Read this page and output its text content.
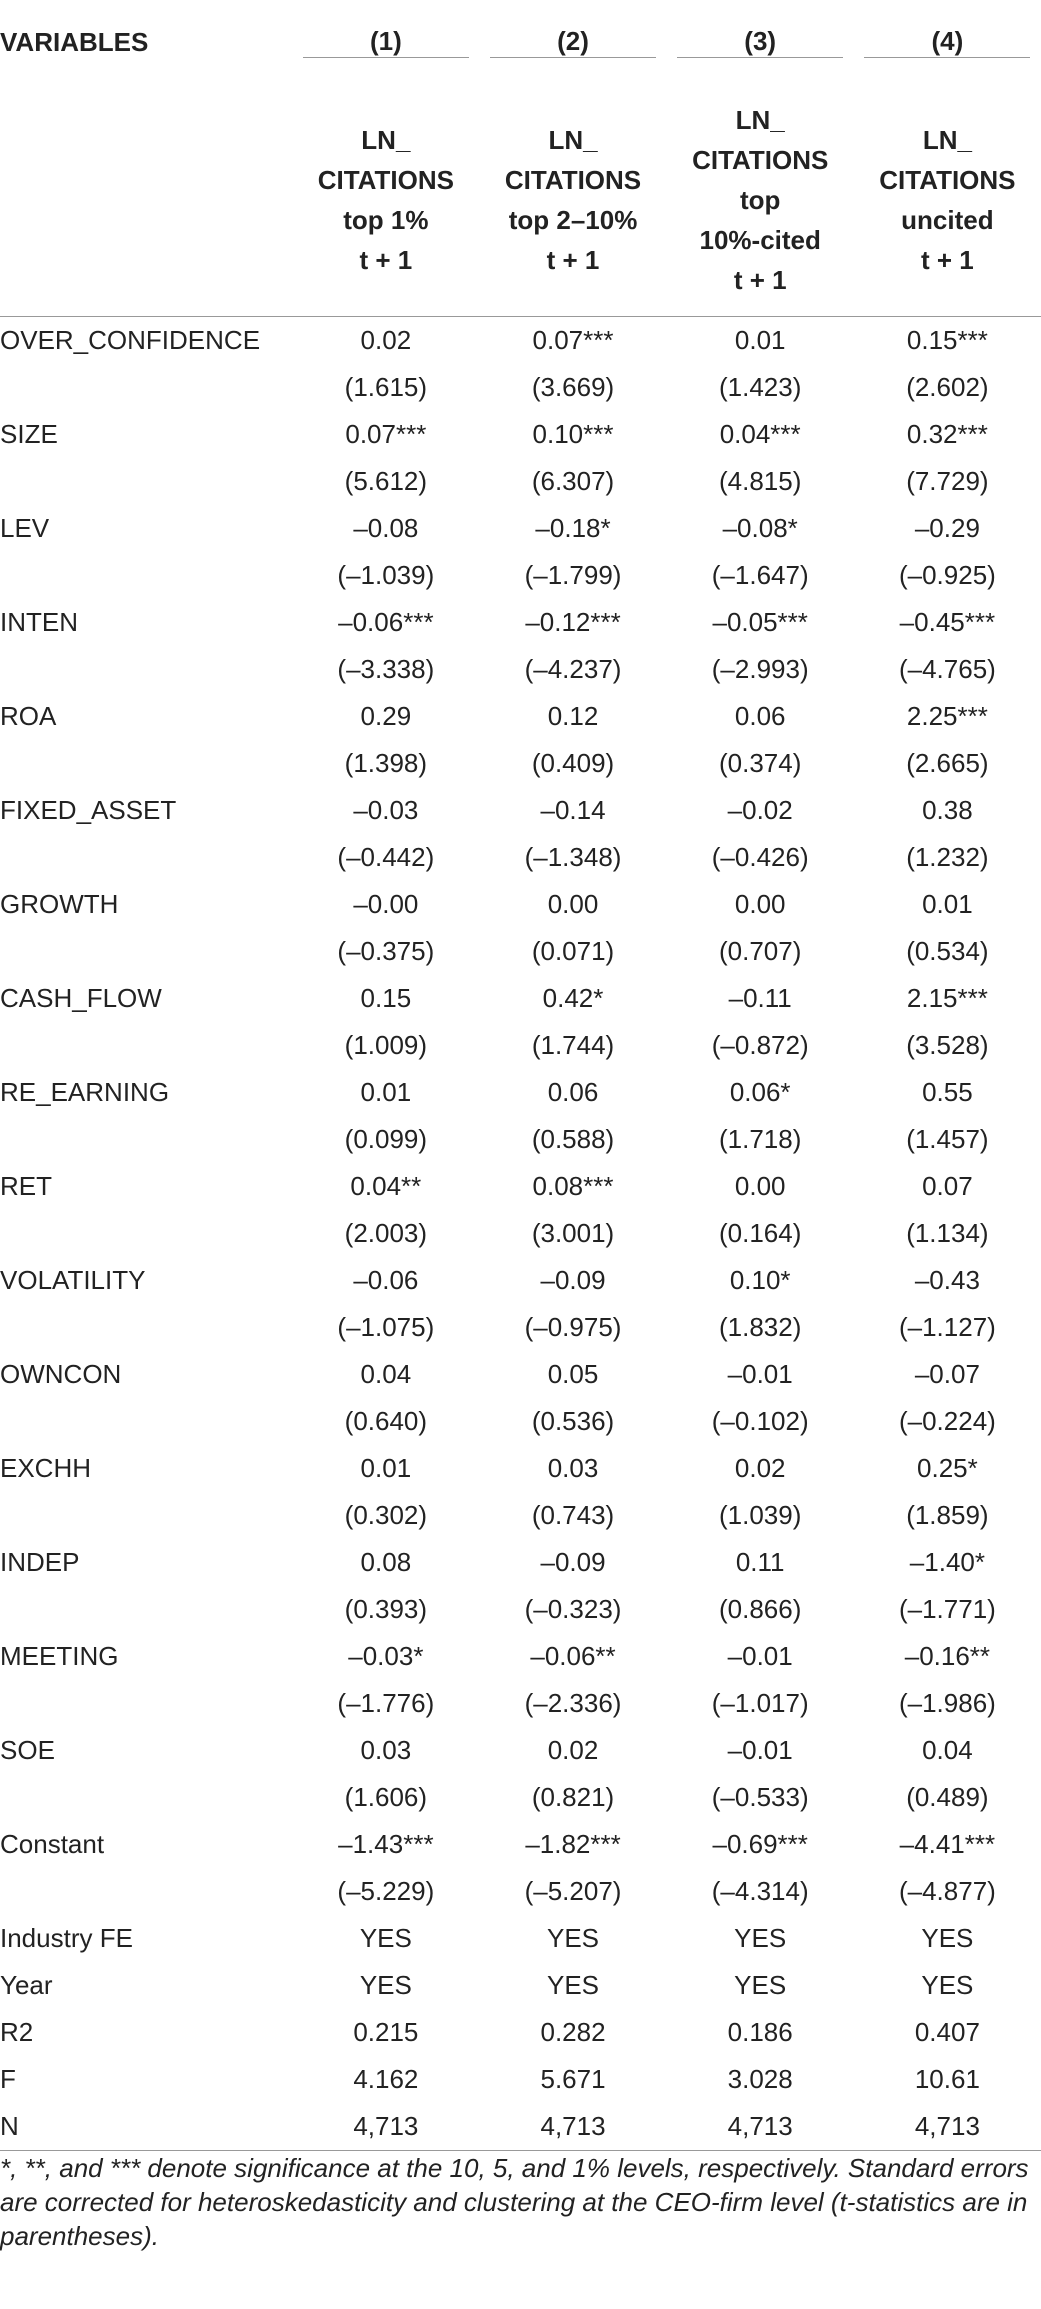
VARIABLES	(1)	(2)	(3)	(4)

	LN_
CITATIONS
top 1%
t + 1	LN_
CITATIONS
top 2–10%
t + 1	LN_
CITATIONS
top
10%-cited
t + 1	LN_
CITATIONS
uncited
t + 1

OVER_CONFIDENCE	0.02	0.07***	0.01	0.15***
	(1.615)	(3.669)	(1.423)	(2.602)
SIZE	0.07***	0.10***	0.04***	0.32***
	(5.612)	(6.307)	(4.815)	(7.729)
LEV	–0.08	–0.18*	–0.08*	–0.29
	(–1.039)	(–1.799)	(–1.647)	(–0.925)
INTEN	–0.06***	–0.12***	–0.05***	–0.45***
	(–3.338)	(–4.237)	(–2.993)	(–4.765)
ROA	0.29	0.12	0.06	2.25***
	(1.398)	(0.409)	(0.374)	(2.665)
FIXED_ASSET	–0.03	–0.14	–0.02	0.38
	(–0.442)	(–1.348)	(–0.426)	(1.232)
GROWTH	–0.00	0.00	0.00	0.01
	(–0.375)	(0.071)	(0.707)	(0.534)
CASH_FLOW	0.15	0.42*	–0.11	2.15***
	(1.009)	(1.744)	(–0.872)	(3.528)
RE_EARNING	0.01	0.06	0.06*	0.55
	(0.099)	(0.588)	(1.718)	(1.457)
RET	0.04**	0.08***	0.00	0.07
	(2.003)	(3.001)	(0.164)	(1.134)
VOLATILITY	–0.06	–0.09	0.10*	–0.43
	(–1.075)	(–0.975)	(1.832)	(–1.127)
OWNCON	0.04	0.05	–0.01	–0.07
	(0.640)	(0.536)	(–0.102)	(–0.224)
EXCHH	0.01	0.03	0.02	0.25*
	(0.302)	(0.743)	(1.039)	(1.859)
INDEP	0.08	–0.09	0.11	–1.40*
	(0.393)	(–0.323)	(0.866)	(–1.771)
MEETING	–0.03*	–0.06**	–0.01	–0.16**
	(–1.776)	(–2.336)	(–1.017)	(–1.986)
SOE	0.03	0.02	–0.01	0.04
	(1.606)	(0.821)	(–0.533)	(0.489)
Constant	–1.43***	–1.82***	–0.69***	–4.41***
	(–5.229)	(–5.207)	(–4.314)	(–4.877)
Industry FE	YES	YES	YES	YES
Year	YES	YES	YES	YES
R2	0.215	0.282	0.186	0.407
F	4.162	5.671	3.028	10.61
N	4,713	4,713	4,713	4,713
*, **, and *** denote significance at the 10, 5, and 1% levels, respectively. Standard errors are corrected for heteroskedasticity and clustering at the CEO-firm level (t-statistics are in parentheses).				
